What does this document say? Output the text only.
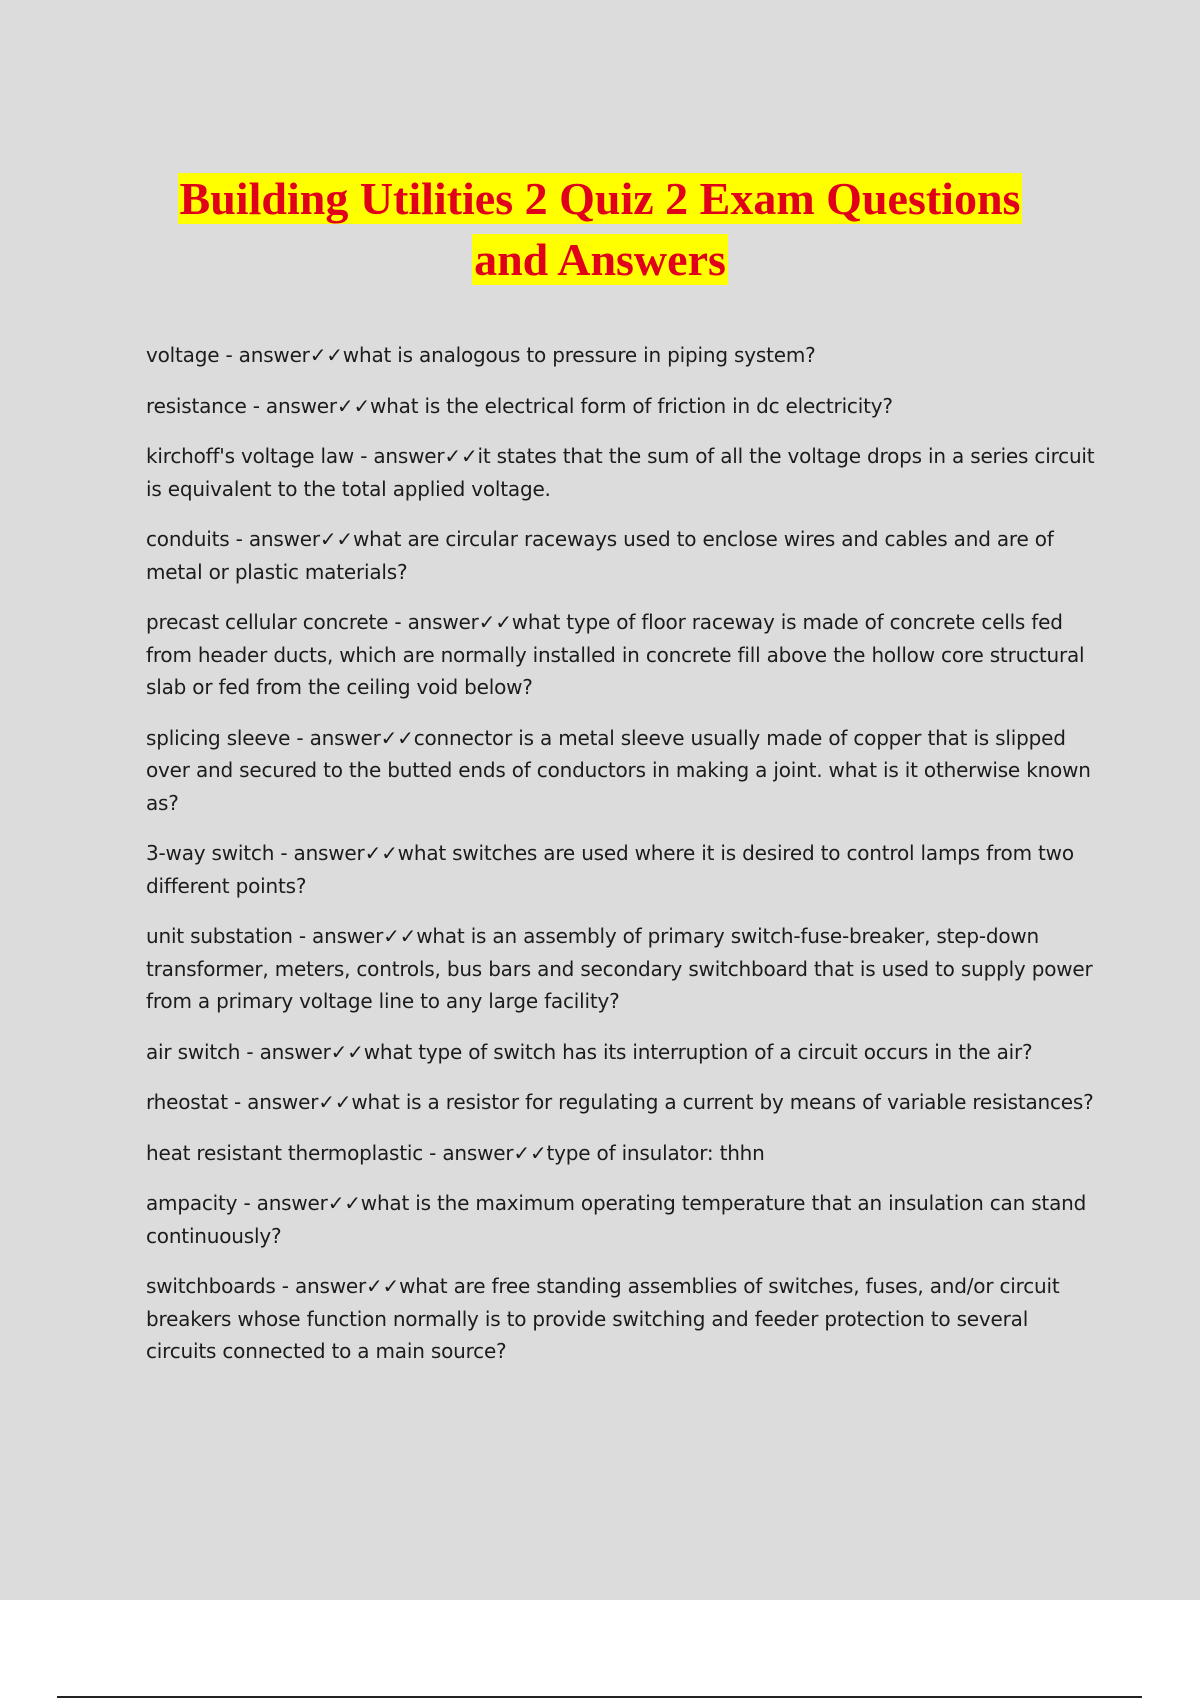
Building Utilities 2 Quiz 2 Exam Questions
and Answers
voltage - answer✓✓what is analogous to pressure in piping system?
resistance - answer✓✓what is the electrical form of friction in dc electricity?
kirchoff's voltage law - answer✓✓it states that the sum of all the voltage drops in a series circuit is equivalent to the total applied voltage.
conduits - answer✓✓what are circular raceways used to enclose wires and cables and are of metal or plastic materials?
precast cellular concrete - answer✓✓what type of floor raceway is made of concrete cells fed from header ducts, which are normally installed in concrete fill above the hollow core structural slab or fed from the ceiling void below?
splicing sleeve - answer✓✓connector is a metal sleeve usually made of copper that is slipped over and secured to the butted ends of conductors in making a joint. what is it otherwise known as?
3-way switch - answer✓✓what switches are used where it is desired to control lamps from two different points?
unit substation - answer✓✓what is an assembly of primary switch-fuse-breaker, step-down transformer, meters, controls, bus bars and secondary switchboard that is used to supply power from a primary voltage line to any large facility?
air switch - answer✓✓what type of switch has its interruption of a circuit occurs in the air?
rheostat - answer✓✓what is a resistor for regulating a current by means of variable resistances?
heat resistant thermoplastic - answer✓✓type of insulator: thhn
ampacity - answer✓✓what is the maximum operating temperature that an insulation can stand continuously?
switchboards - answer✓✓what are free standing assemblies of switches, fuses, and/or circuit breakers whose function normally is to provide switching and feeder protection to several circuits connected to a main source?
